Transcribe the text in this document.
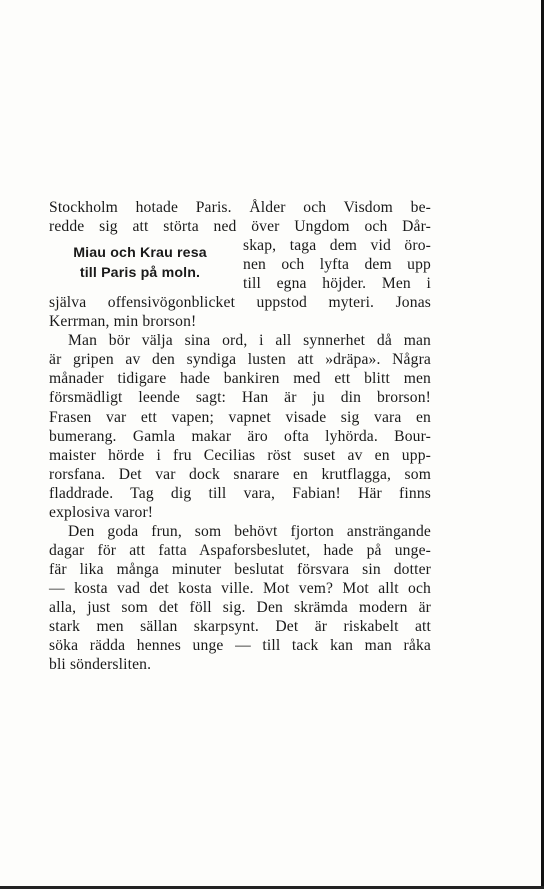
Stockholm hotade Paris. Ålder och Visdom be-
redde sig att störta ned över Ungdom och Dår-
Miau och Krau resa
till Paris på moln.
skap, taga dem vid öro-
nen och lyfta dem upp
till egna höjder. Men i
själva offensivögonblicket uppstod myteri. Jonas
Kerrman, min brorson!
Man bör välja sina ord, i all synnerhet då man
är gripen av den syndiga lusten att »dräpa». Några
månader tidigare hade bankiren med ett blitt men
försmädligt leende sagt: Han är ju din brorson!
Frasen var ett vapen; vapnet visade sig vara en
bumerang. Gamla makar äro ofta lyhörda. Bour-
maister hörde i fru Cecilias röst suset av en upp-
rorsfana. Det var dock snarare en krutflagga, som
fladdrade. Tag dig till vara, Fabian! Här finns
explosiva varor!
Den goda frun, som behövt fjorton ansträngande
dagar för att fatta Aspaforsbeslutet, hade på unge-
fär lika många minuter beslutat försvara sin dotter
— kosta vad det kosta ville. Mot vem? Mot allt och
alla, just som det föll sig. Den skrämda modern är
stark men sällan skarpsynt. Det är riskabelt att
söka rädda hennes unge — till tack kan man råka
bli söndersliten.
